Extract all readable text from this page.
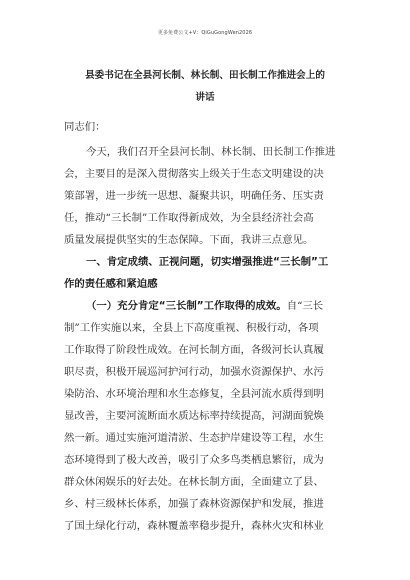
更多免费公文+V：QiGuGongWen2026
县委书记在全县河长制、林长制、田长制工作推进会上的
讲话
同志们：
今天，我们召开全县河长制、林长制、田长制工作推进
会，主要目的是深入贯彻落实上级关于生态文明建设的决
策部署，进一步统一思想、凝聚共识，明确任务、压实责
任，推动“三长制”工作取得新成效，为全县经济社会高
质量发展提供坚实的生态保障。下面，我讲三点意见。
一、肯定成绩、正视问题，切实增强推进“三长制”工
作的责任感和紧迫感
（一）充分肯定“三长制”工作取得的成效。自“三长
制”工作实施以来，全县上下高度重视、积极行动，各项
工作取得了阶段性成效。在河长制方面，各级河长认真履
职尽责，积极开展巡河护河行动，加强水资源保护、水污
染防治、水环境治理和水生态修复，全县河流水质得到明
显改善，主要河流断面水质达标率持续提高，河湖面貌焕
然一新。通过实施河道清淤、生态护岸建设等工程，水生
态环境得到了极大改善，吸引了众多鸟类栖息繁衍，成为
群众休闲娱乐的好去处。在林长制方面，全面建立了县、
乡、村三级林长体系，加强了森林资源保护和发展，推进
了国土绿化行动，森林覆盖率稳步提升，森林火灾和林业
